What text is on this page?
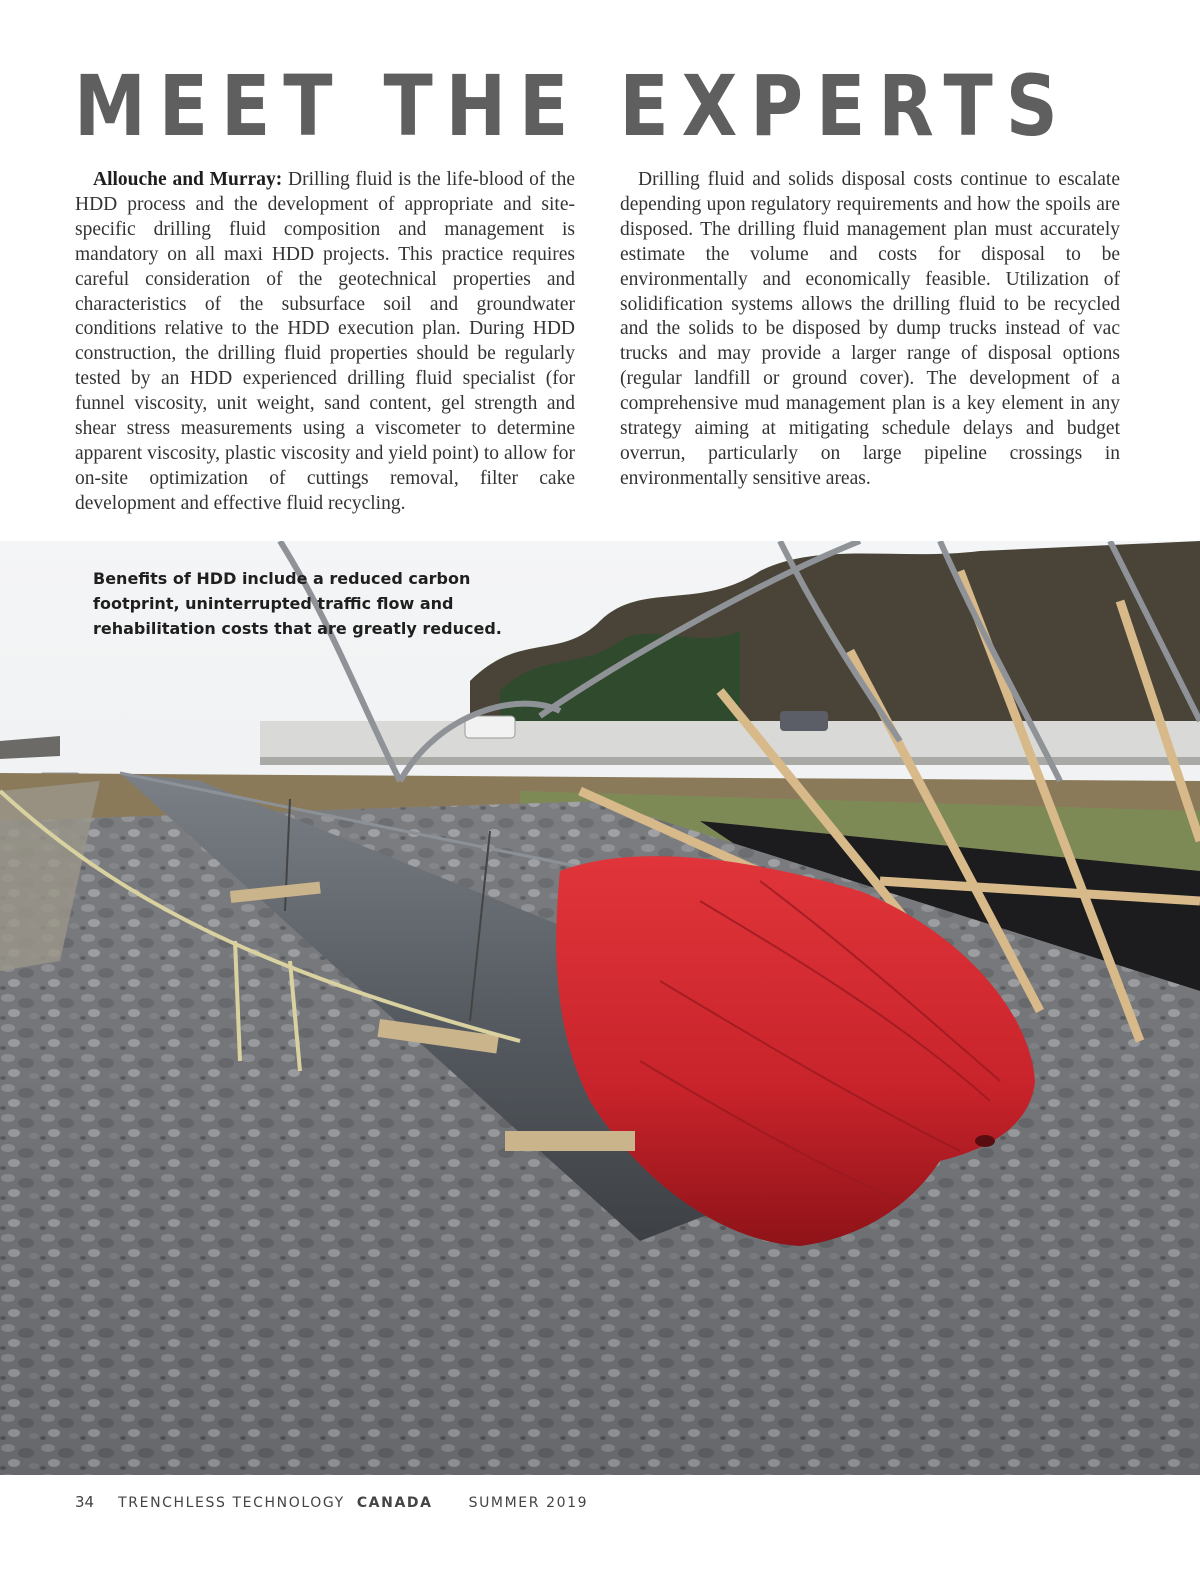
MEET THE EXPERTS

Allouche and Murray: Drilling fluid is the life-blood of the HDD process and the development of appropriate and site-specific drilling fluid composition and management is mandatory on all maxi HDD projects. This practice requires careful consideration of the geotechnical properties and characteristics of the subsurface soil and groundwater conditions relative to the HDD execution plan. During HDD construction, the drilling fluid properties should be regularly tested by an HDD experienced drilling fluid specialist (for funnel viscosity, unit weight, sand content, gel strength and shear stress measurements using a viscometer to determine apparent viscosity, plastic viscosity and yield point) to allow for on-site optimization of cuttings removal, filter cake development and effective fluid recycling.

Drilling fluid and solids disposal costs continue to escalate depending upon regulatory requirements and how the spoils are disposed. The drilling fluid management plan must accurately estimate the volume and costs for disposal to be environmentally and economically feasible. Utilization of solidification systems allows the drilling fluid to be recycled and the solids to be disposed by dump trucks instead of vac trucks and may provide a larger range of disposal options (regular landfill or ground cover). The development of a comprehensive mud management plan is a key element in any strategy aiming at mitigating schedule delays and budget overrun, particularly on large pipeline crossings in environmentally sensitive areas.

Benefits of HDD include a reduced carbon footprint, uninterrupted traffic flow and rehabilitation costs that are greatly reduced.

34 TRENCHLESS TECHNOLOGY CANADA	SUMMER 2019
